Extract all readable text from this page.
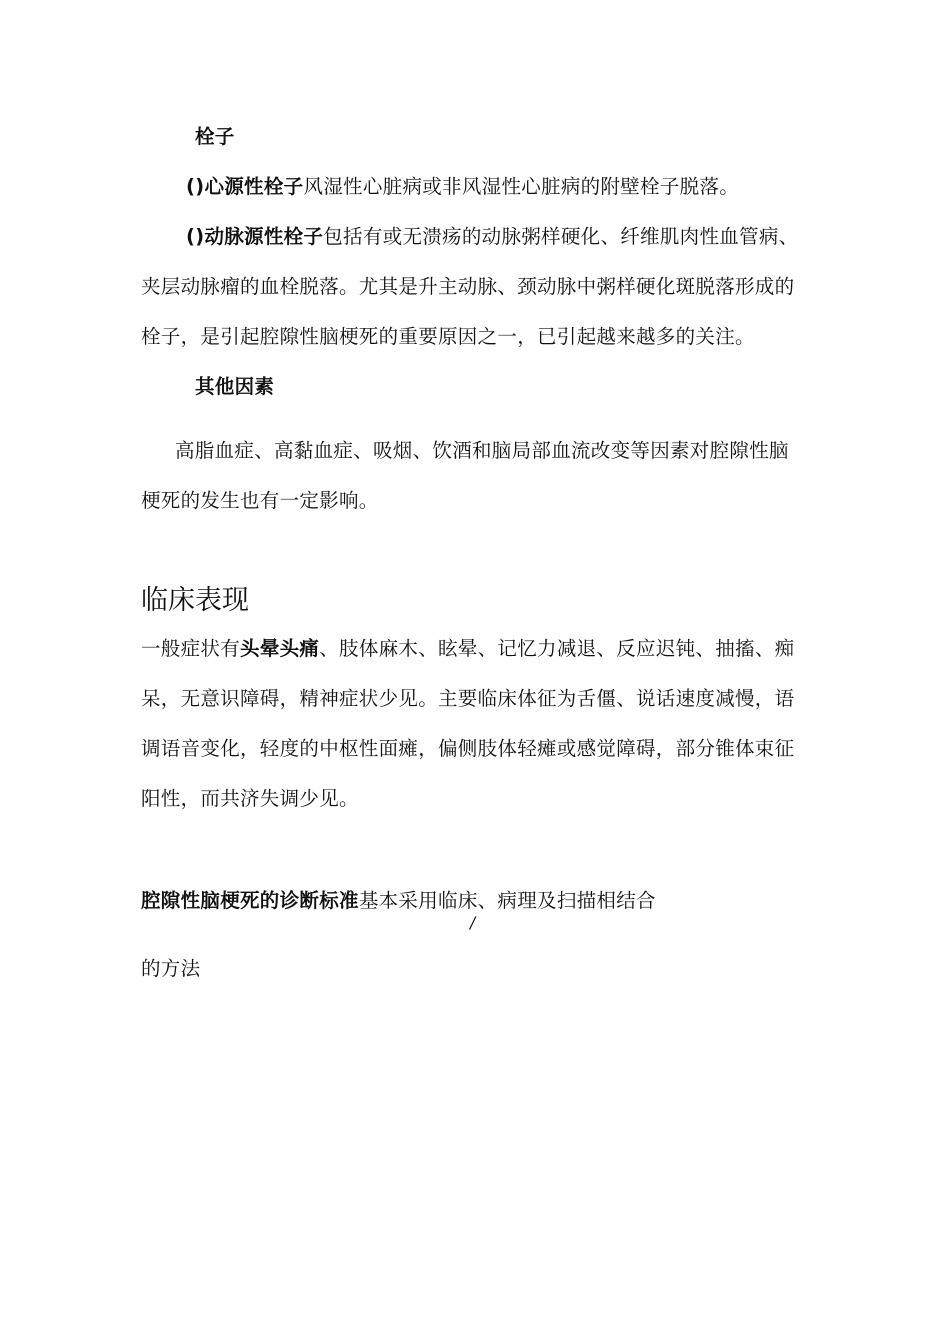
栓子
()心源性栓子风湿性心脏病或非风湿性心脏病的附壁栓子脱落。
()动脉源性栓子包括有或无溃疡的动脉粥样硬化、纤维肌肉性血管病、
夹层动脉瘤的血栓脱落。尤其是升主动脉、颈动脉中粥样硬化斑脱落形成的
栓子，是引起腔隙性脑梗死的重要原因之一，已引起越来越多的关注。
其他因素
高脂血症、高黏血症、吸烟、饮酒和脑局部血流改变等因素对腔隙性脑
梗死的发生也有一定影响。
临床表现
一般症状有头晕头痛、肢体麻木、眩晕、记忆力减退、反应迟钝、抽搐、痴
呆，无意识障碍，精神症状少见。主要临床体征为舌僵、说话速度减慢，语
调语音变化，轻度的中枢性面瘫，偏侧肢体轻瘫或感觉障碍，部分锥体束征
阳性，而共济失调少见。
腔隙性脑梗死的诊断标准基本采用临床、病理及扫描相结合
/
的方法
